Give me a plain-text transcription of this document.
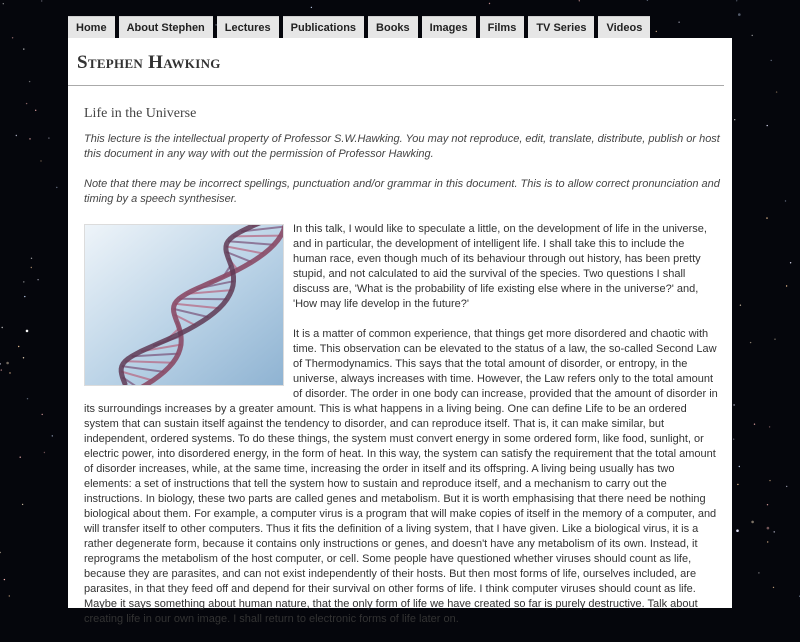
Home	About Stephen	Lectures	Publications	Books	Images	Films	TV Series	Videos
Stephen Hawking
Life in the Universe

This lecture is the intellectual property of Professor S.W.Hawking. You may not reproduce, edit, translate, distribute, publish or host this document in any way with out the permission of Professor Hawking.

Note that there may be incorrect spellings, punctuation and/or grammar in this document. This is to allow correct pronunciation and timing by a speech synthesiser.

In this talk, I would like to speculate a little, on the development of life in the universe, and in particular, the development of intelligent life. I shall take this to include the human race, even though much of its behaviour through out history, has been pretty stupid, and not calculated to aid the survival of the species. Two questions I shall discuss are, 'What is the probability of life existing else where in the universe?' and, 'How may life develop in the future?'

It is a matter of common experience, that things get more disordered and chaotic with time. This observation can be elevated to the status of a law, the so-called Second Law of Thermodynamics. This says that the total amount of disorder, or entropy, in the universe, always increases with time. However, the Law refers only to the total amount of disorder. The order in one body can increase, provided that the amount of disorder in its surroundings increases by a greater amount. This is what happens in a living being. One can define Life to be an ordered system that can sustain itself against the tendency to disorder, and can reproduce itself. That is, it can make similar, but independent, ordered systems. To do these things, the system must convert energy in some ordered form, like food, sunlight, or electric power, into disordered energy, in the form of heat. In this way, the system can satisfy the requirement that the total amount of disorder increases, while, at the same time, increasing the order in itself and its offspring. A living being usually has two elements: a set of instructions that tell the system how to sustain and reproduce itself, and a mechanism to carry out the instructions. In biology, these two parts are called genes and metabolism. But it is worth emphasising that there need be nothing biological about them. For example, a computer virus is a program that will make copies of itself in the memory of a computer, and will transfer itself to other computers. Thus it fits the definition of a living system, that I have given. Like a biological virus, it is a rather degenerate form, because it contains only instructions or genes, and doesn't have any metabolism of its own. Instead, it reprograms the metabolism of the host computer, or cell. Some people have questioned whether viruses should count as life, because they are parasites, and can not exist independently of their hosts. But then most forms of life, ourselves included, are parasites, in that they feed off and depend for their survival on other forms of life. I think computer viruses should count as life. Maybe it says something about human nature, that the only form of life we have created so far is purely destructive. Talk about creating life in our own image. I shall return to electronic forms of life later on.
